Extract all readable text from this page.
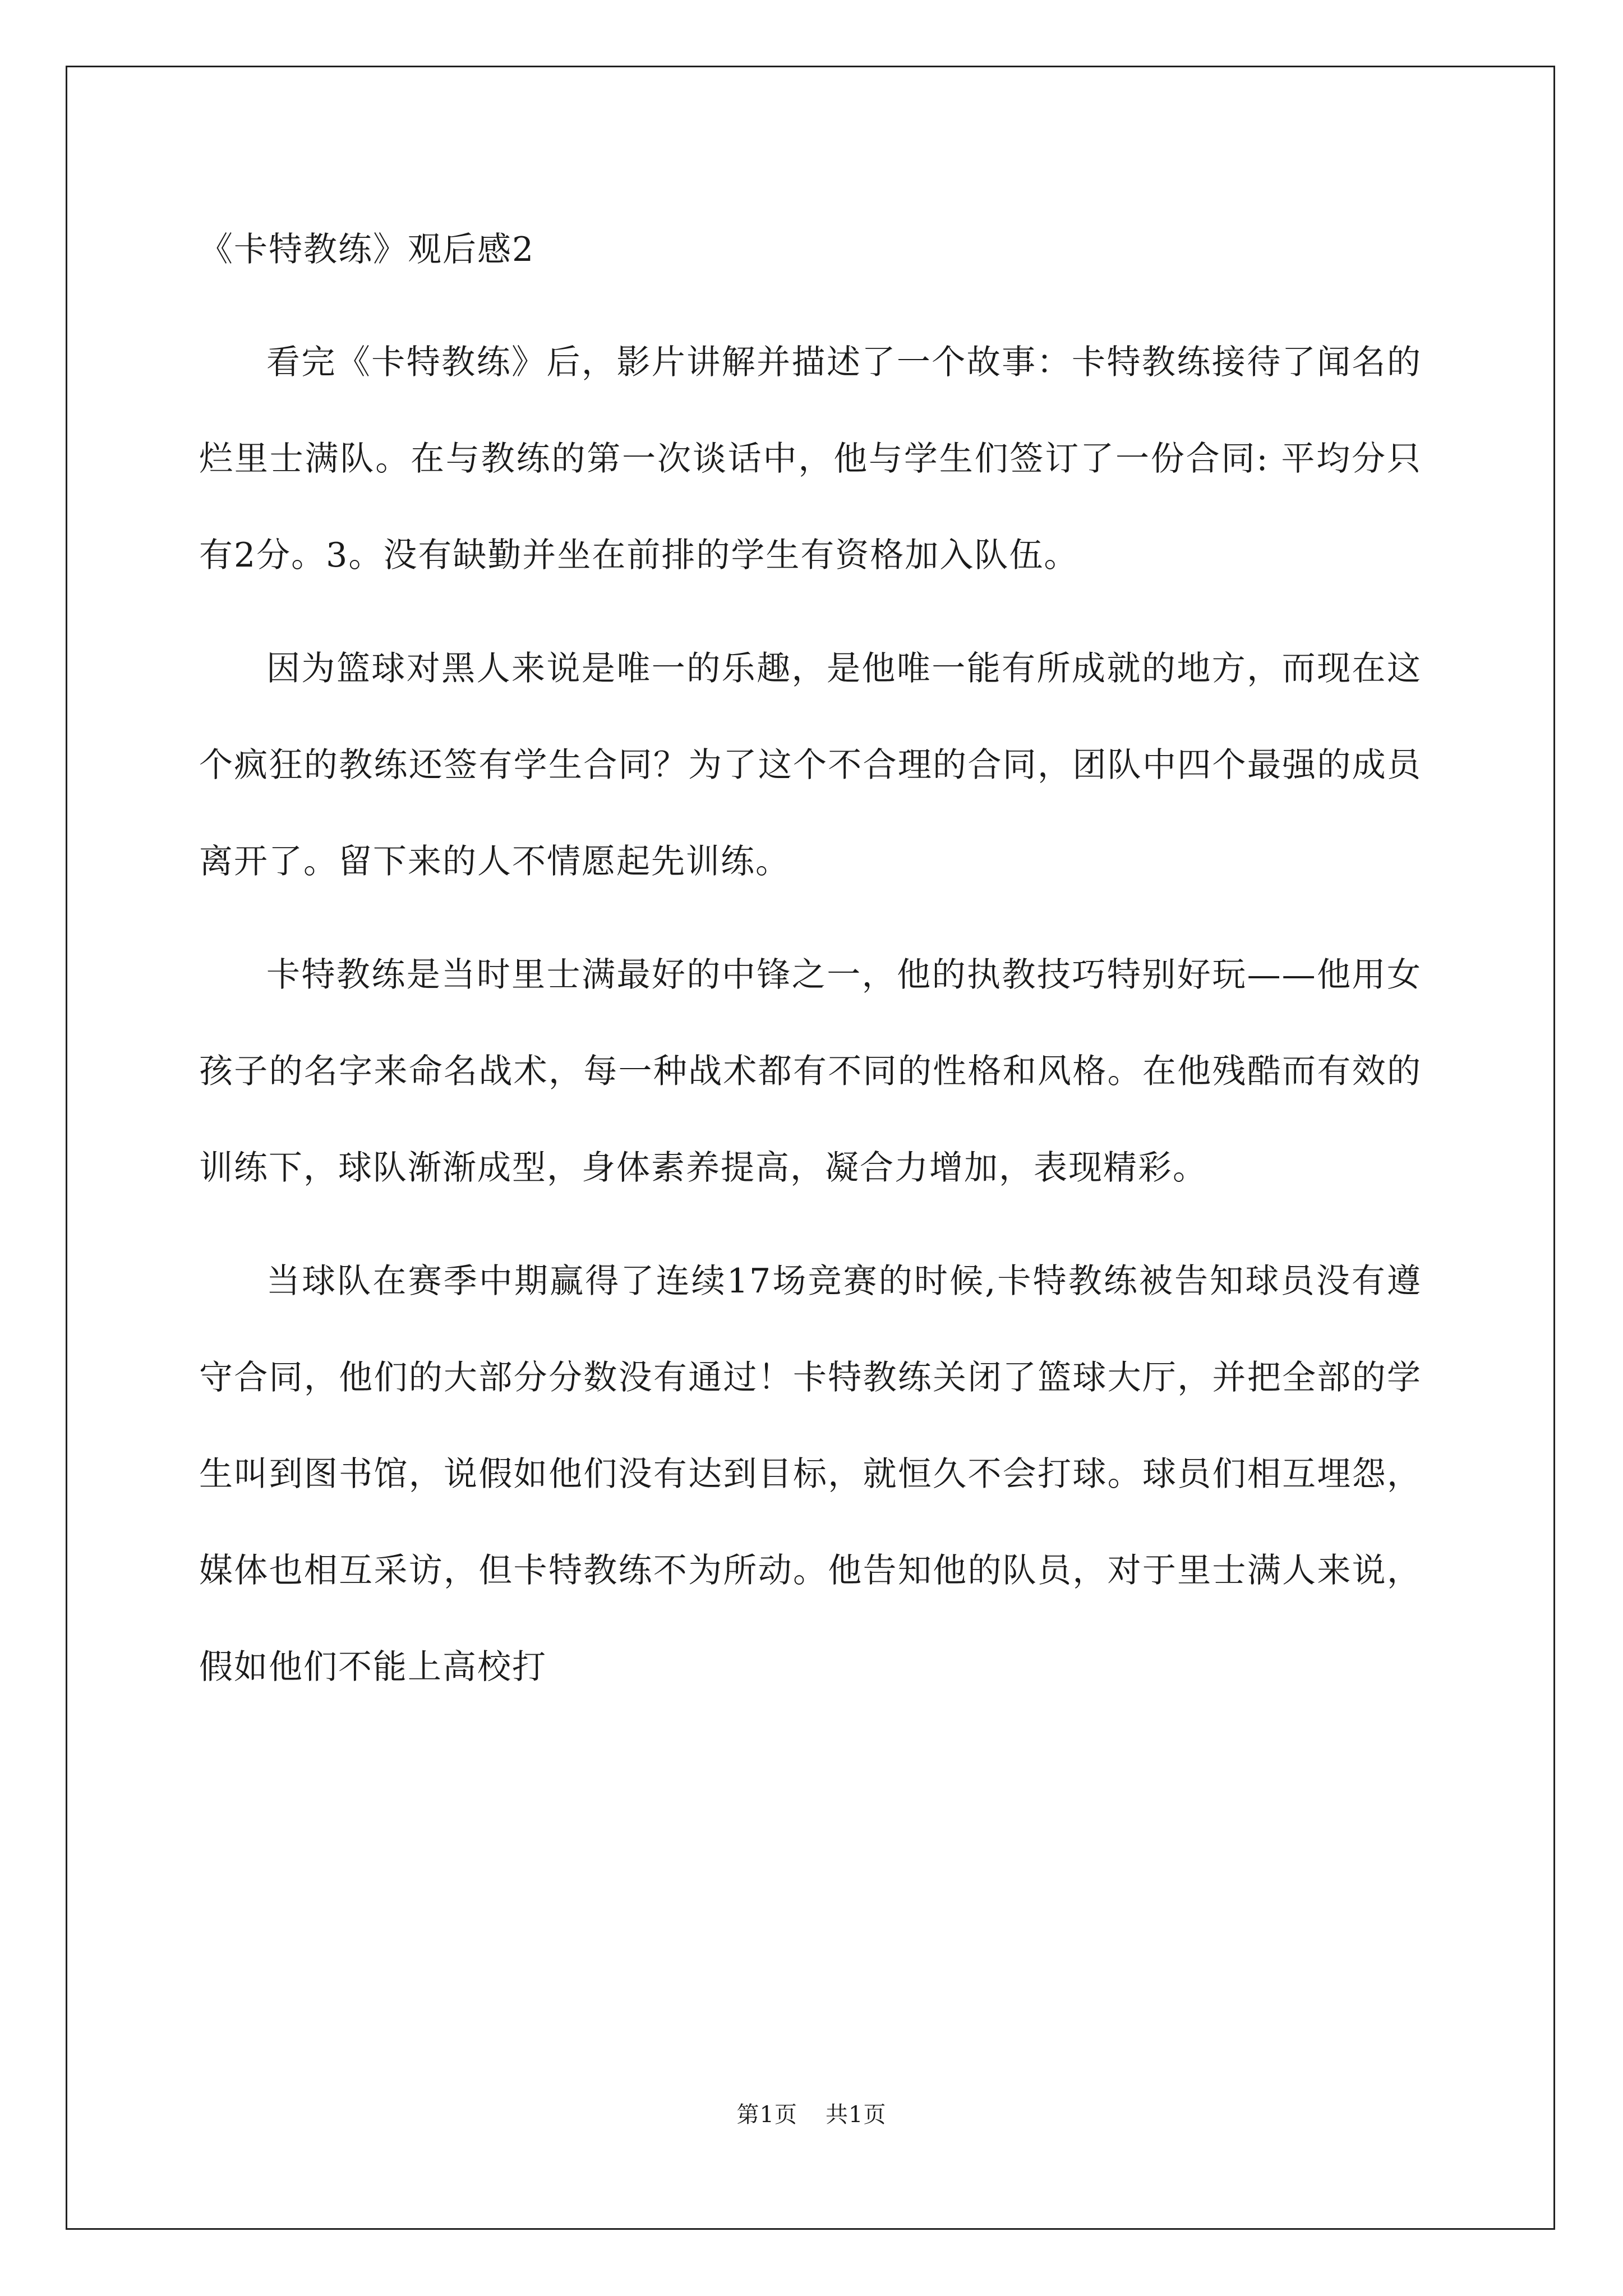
《卡特教练》观后感2

看完《卡特教练》后，影片讲解并描述了一个故事：卡特教练接待了闻名的烂里士满队。在与教练的第一次谈话中，他与学生们签订了一份合同: 平均分只有2分。3。没有缺勤并坐在前排的学生有资格加入队伍。

因为篮球对黑人来说是唯一的乐趣，是他唯一能有所成就的地方，而现在这个疯狂的教练还签有学生合同？为了这个不合理的合同，团队中四个最强的成员离开了。留下来的人不情愿起先训练。

卡特教练是当时里士满最好的中锋之一，他的执教技巧特别好玩——他用女孩子的名字来命名战术，每一种战术都有不同的性格和风格。在他残酷而有效的训练下，球队渐渐成型，身体素养提高，凝合力增加，表现精彩。

当球队在赛季中期赢得了连续17场竞赛的时候,卡特教练被告知球员没有遵守合同，他们的大部分分数没有通过！卡特教练关闭了篮球大厅，并把全部的学生叫到图书馆，说假如他们没有达到目标，就恒久不会打球。球员们相互埋怨，媒体也相互采访，但卡特教练不为所动。他告知他的队员，对于里士满人来说，假如他们不能上高校打

第1页 共1页
